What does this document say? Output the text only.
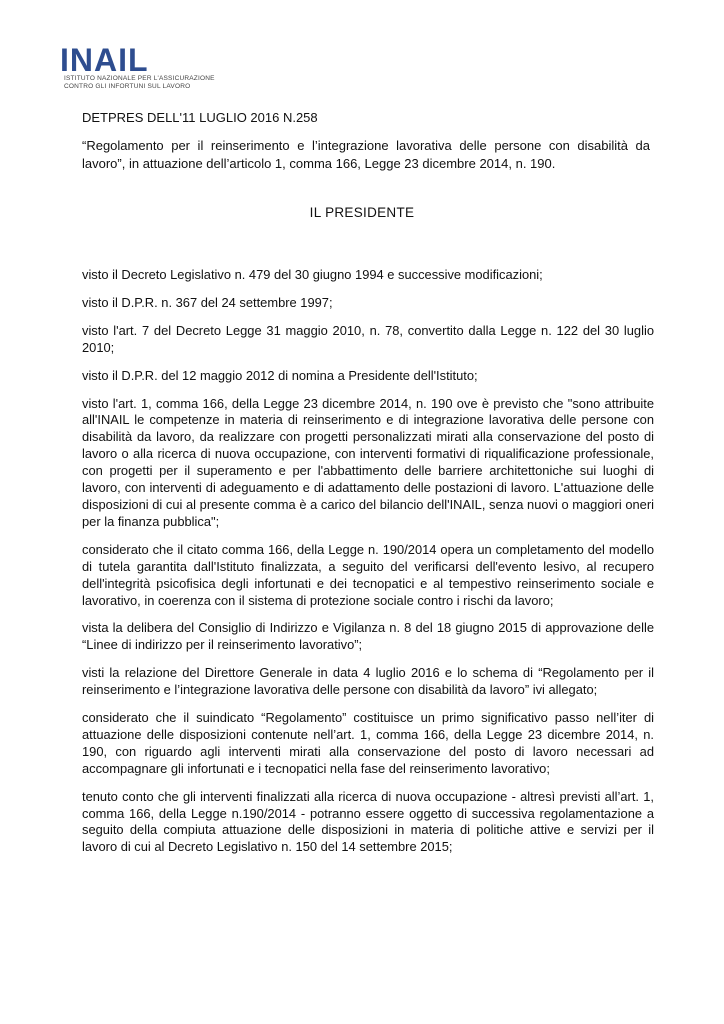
INAIL
ISTITUTO NAZIONALE PER L'ASSICURAZIONE
CONTRO GLI INFORTUNI SUL LAVORO
DETPRES DELL'11 LUGLIO 2016 N.258
“Regolamento per il reinserimento e l’integrazione lavorativa delle persone con disabilità da lavoro”, in attuazione dell’articolo 1, comma 166, Legge 23 dicembre 2014, n. 190.
IL PRESIDENTE

visto il Decreto Legislativo n. 479 del 30 giugno 1994 e successive modificazioni;

visto il D.P.R. n. 367 del 24 settembre 1997;

visto l'art. 7 del Decreto Legge 31 maggio 2010, n. 78, convertito dalla Legge n. 122 del 30 luglio 2010;

visto il D.P.R. del 12 maggio 2012 di nomina a Presidente dell'Istituto;

visto l'art. 1, comma 166, della Legge 23 dicembre 2014, n. 190 ove è previsto che "sono attribuite all'INAIL le competenze in materia di reinserimento e di integrazione lavorativa delle persone con disabilità da lavoro, da realizzare con progetti personalizzati mirati alla conservazione del posto di lavoro o alla ricerca di nuova occupazione, con interventi formativi di riqualificazione professionale, con progetti per il superamento e per l'abbattimento delle barriere architettoniche sui luoghi di lavoro, con interventi di adeguamento e di adattamento delle postazioni di lavoro. L'attuazione delle disposizioni di cui al presente comma è a carico del bilancio dell'INAIL, senza nuovi o maggiori oneri per la finanza pubblica";

considerato che il citato comma 166, della Legge n. 190/2014 opera un completamento del modello di tutela garantita dall'Istituto finalizzata, a seguito del verificarsi dell'evento lesivo, al recupero dell'integrità psicofisica degli infortunati e dei tecnopatici e al tempestivo reinserimento sociale e lavorativo, in coerenza con il sistema di protezione sociale contro i rischi da lavoro;

vista la delibera del Consiglio di Indirizzo e Vigilanza n. 8 del 18 giugno 2015 di approvazione delle “Linee di indirizzo per il reinserimento lavorativo”;

visti la relazione del Direttore Generale in data 4 luglio 2016 e lo schema di “Regolamento per il reinserimento e l’integrazione lavorativa delle persone con disabilità da lavoro” ivi allegato;

considerato che il suindicato “Regolamento” costituisce un primo significativo passo nell’iter di attuazione delle disposizioni contenute nell’art. 1, comma 166, della Legge 23 dicembre 2014, n. 190, con riguardo agli interventi mirati alla conservazione del posto di lavoro necessari ad accompagnare gli infortunati e i tecnopatici nella fase del reinserimento lavorativo;

tenuto conto che gli interventi finalizzati alla ricerca di nuova occupazione - altresì previsti all’art. 1, comma 166, della Legge n.190/2014 - potranno essere oggetto di successiva regolamentazione a seguito della compiuta attuazione delle disposizioni in materia di politiche attive e servizi per il lavoro di cui al Decreto Legislativo n. 150 del 14 settembre 2015;
